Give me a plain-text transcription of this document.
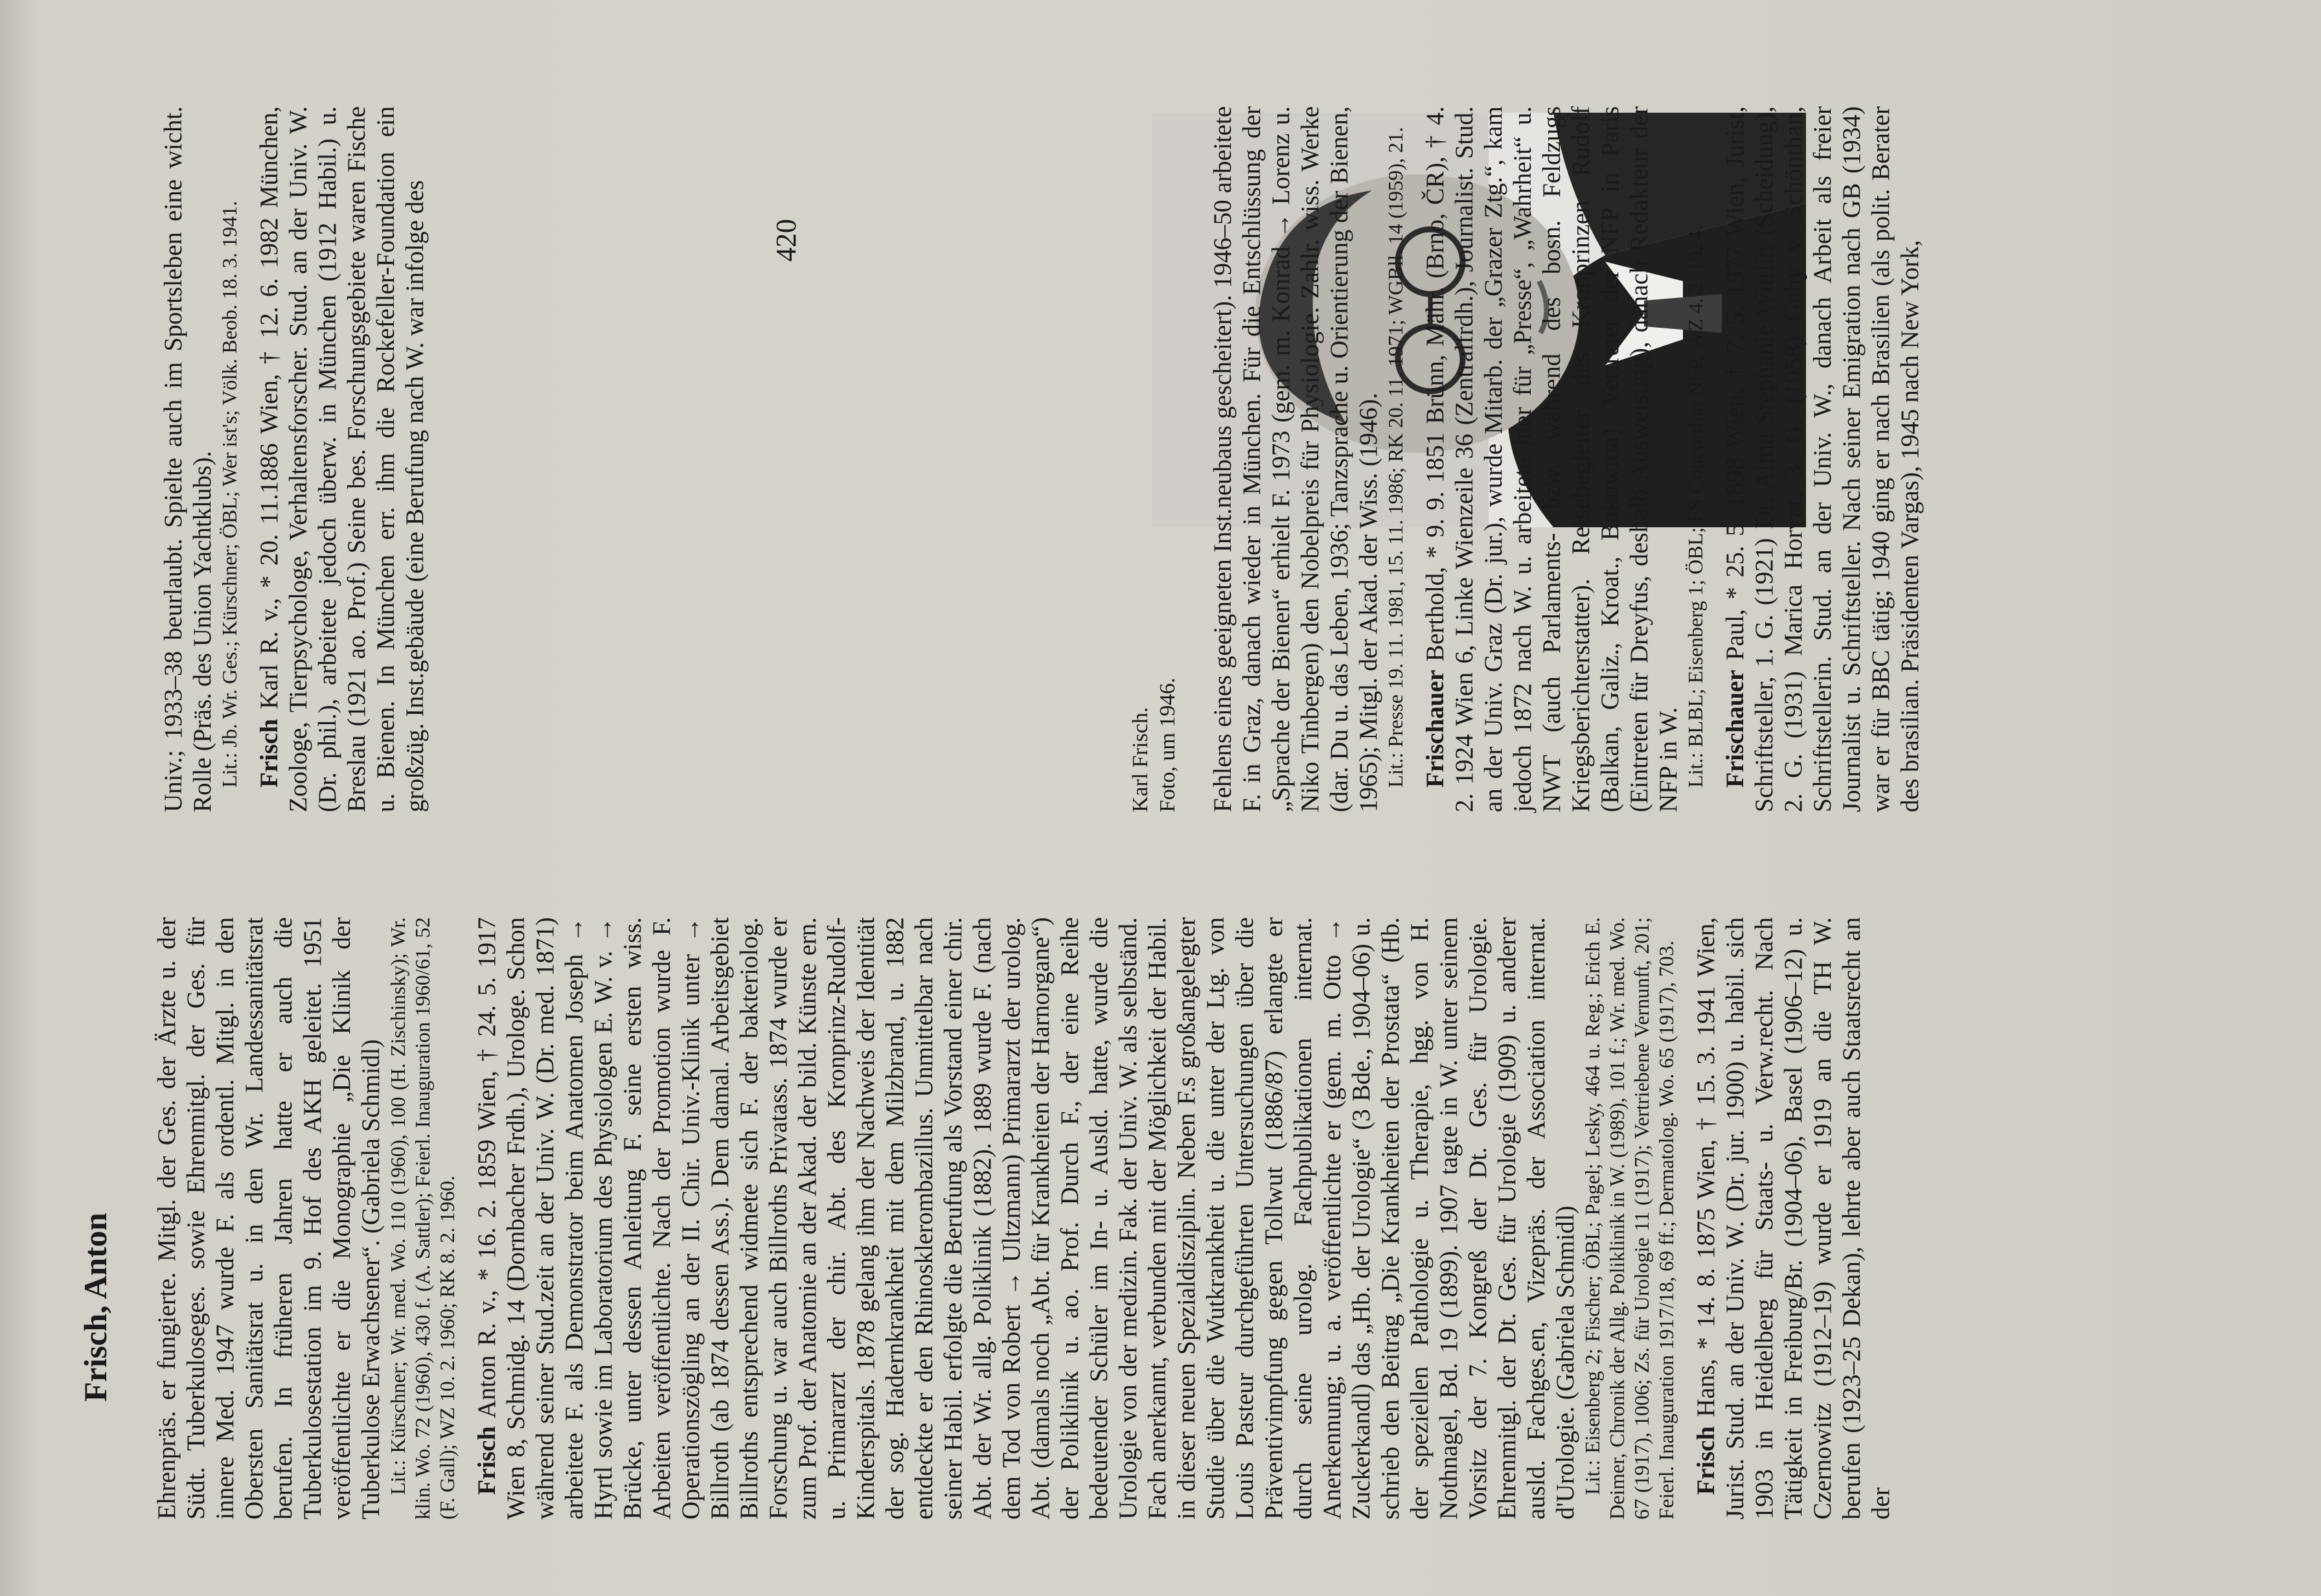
Frisch, Anton Ehrenpräs. er fungierte. Mitgl. der Ges. der Ärzte u. der Südt. Tuberkuloseges. sowie Ehrenmitgl. der Ges. für innere Med. 1947 wurde F. als ordentl. Mitgl. in den Obersten Sanitätsrat u. in den Wr. Landessanitätsrat berufen. In früheren Jahren hatte er auch die Tuberkulosestation im 9. Hof des AKH geleitet. 1951 veröffentlichte er die Monographie „Die Klinik der Tuberkulose Erwachsener“. (Gabriela Schmidl) Lit.: Kürschner; Wr. med. Wo. 110 (1960), 100 (H. Zischinsky); Wr. klin. Wo. 72 (1960), 430 f. (A. Sattler); Feierl. Inauguration 1960/61, 52 (F. Gall); WZ 10. 2. 1960; RK 8. 2. 1960. Frisch Anton R. v., * 16. 2. 1859 Wien, † 24. 5. 1917 Wien 8, Schmidg. 14 (Dornbacher Frdh.), Urologe. Schon während seiner Stud.zeit an der Univ. W. (Dr. med. 1871) arbeitete F. als Demonstrator beim Anatomen Joseph → Hyrtl sowie im Laboratorium des Physiologen E. W. v. → Brücke, unter dessen Anleitung F. seine ersten wiss. Arbeiten veröffentlichte. Nach der Promotion wurde F. Operationszögling an der II. Chir. Univ.-Klinik unter → Billroth (ab 1874 dessen Ass.). Dem damal. Arbeitsgebiet Billroths entsprechend widmete sich F. der bakteriolog. Forschung u. war auch Billroths Privatass. 1874 wurde er zum Prof. der Anatomie an der Akad. der bild. Künste ern. u. Primararzt der chir. Abt. des Kronprinz-Rudolf-Kinderspitals. 1878 gelang ihm der Nachweis der Identität der sog. Hadernkrankheit mit dem Milzbrand, u. 1882 entdeckte er den Rhinosklerombazillus. Unmittelbar nach seiner Habil. erfolgte die Berufung als Vorstand einer chir. Abt. der Wr. allg. Poliklinik (1882). 1889 wurde F. (nach dem Tod von Robert → Ultzmann) Primararzt der urolog. Abt. (damals noch „Abt. für Krankheiten der Harnorgane“) der Poliklinik u. ao. Prof. Durch F., der eine Reihe bedeutender Schüler im In- u. Ausld. hatte, wurde die Urologie von der medizin. Fak. der Univ. W. als selbständ. Fach anerkannt, verbunden mit der Möglichkeit der Habil. in dieser neuen Spezialdisziplin. Neben F.s großangelegter Studie über die Wutkrankheit u. die unter der Ltg. von Louis Pasteur durchgeführten Untersuchungen über die Präventivimpfung gegen Tollwut (1886/87) erlangte er durch seine urolog. Fachpublikationen internat. Anerkennung; u. a. veröffentlichte er (gem. m. Otto → Zuckerkandl) das „Hb. der Urologie“ (3 Bde., 1904–06) u. schrieb den Beitrag „Die Krankheiten der Prostata“ (Hb. der speziellen Pathologie u. Therapie, hgg. von H. Nothnagel, Bd. 19 (1899). 1907 tagte in W. unter seinem Vorsitz der 7. Kongreß der Dt. Ges. für Urologie. Ehrenmitgl. der Dt. Ges. für Urologie (1909) u. anderer ausld. Fachges.en, Vizepräs. der Association internat. d'Urologie. (Gabriela Schmidl) Lit.: Eisenberg 2; Fischer; ÖBL; Pagel; Lesky, 464 u. Reg.; Erich E. Deimer, Chronik der Allg. Poliklinik in W. (1989), 101 f.; Wr. med. Wo. 67 (1917), 1006; Zs. für Urologie 11 (1917); Vertriebene Vernunft, 201; Feierl. Inauguration 1917/18, 69 ff.; Dermatolog. Wo. 65 (1917), 703. Frisch Hans, * 14. 8. 1875 Wien, † 15. 3. 1941 Wien, Jurist. Stud. an der Univ. W. (Dr. jur. 1900) u. habil. sich 1903 in Heidelberg für Staats- u. Verw.recht. Nach Tätigkeit in Freiburg/Br. (1904–06), Basel (1906–12) u. Czernowitz (1912–19) wurde er 1919 an die TH W. berufen (1923–25 Dekan), lehrte aber auch Staatsrecht an der

Univ.; 1933–38 beurlaubt. Spielte auch im Sportsleben eine wicht. Rolle (Präs. des Union Yachtklubs). Lit.: Jb. Wr. Ges.; Kürschner; ÖBL; Wer ist's; Völk. Beob. 18. 3. 1941. Frisch Karl R. v., * 20. 11.1886 Wien, † 12. 6. 1982 München, Zoologe, Tierpsychologe, Verhaltensforscher. Stud. an der Univ. W. (Dr. phil.), arbeitete jedoch überw. in München (1912 Habil.) u. Breslau (1921 ao. Prof.) Seine bes. Forschungsgebiete waren Fische u. Bienen. In München err. ihm die Rockefeller-Foundation ein großzüg. Inst.gebäude (eine Berufung nach W. war infolge des	Karl Frisch. Foto, um 1946. Fehlens eines geeigneten Inst.neubaus gescheitert). 1946–50 arbeitete F. in Graz, danach wieder in München. Für die Entschlüssung der „Sprache der Bienen“ erhielt F. 1973 (gem. m. Konrad → Lorenz u. Niko Tinbergen) den Nobelpreis für Physiologie. Zahlr. wiss. Werke (dar. Du u. das Leben, 1936; Tanzsprache u. Orientierung der Bienen, 1965); Mitgl. der Akad. der Wiss. (1946). Lit.: Presse 19. 11. 1981, 15. 11. 1986; RK 20. 11. 1971; WGBll. 14 (1959), 21. Frischauer Berthold, * 9. 9. 1851 Brünn, Mähr. (Brno, ČR), † 4. 2. 1924 Wien 6, Linke Wienzeile 36 (Zentralfrdh.), Journalist. Stud. an der Univ. Graz (Dr. jur.), wurde Mitarb. der „Grazer Ztg.“, kam jedoch 1872 nach W. u. arbeitete hier für „Presse“, „Wahrheit“ u. NWT (auch Parlaments- bzw. während des bosn. Feldzugs Kriegsberichterstatter). Reisebegleiter des Kronprinzen Rudolf (Balkan, Galiz., Kroat., Bukowina), Vertreter der NFP in Paris (Eintreten für Dreyfus, deshalb Ausweisung), danach Redakteur der NFP in W. Lit.: BLBL; Eisenberg 1; ÖBL; FS Concordia; NFP, WZ 4. 2. 1924. Frischauer Paul, * 25. 5. 1898 Wien, † 7. 5. 1977 Wien, Jurist, Schriftsteller, 1. G. (1921) Dr. Alma Stephanie Wittlin (Scheidung), 2. G. (1931) Marica Horvat, 3. G. (1958) Gaby v. Schönthan, Schriftstellerin. Stud. an der Univ. W., danach Arbeit als freier Journalist u. Schriftsteller. Nach seiner Emigration nach GB (1934) war er für BBC tätig; 1940 ging er nach Brasilien (als polit. Berater des brasilian. Präsidenten Vargas), 1945 nach New York,

420
